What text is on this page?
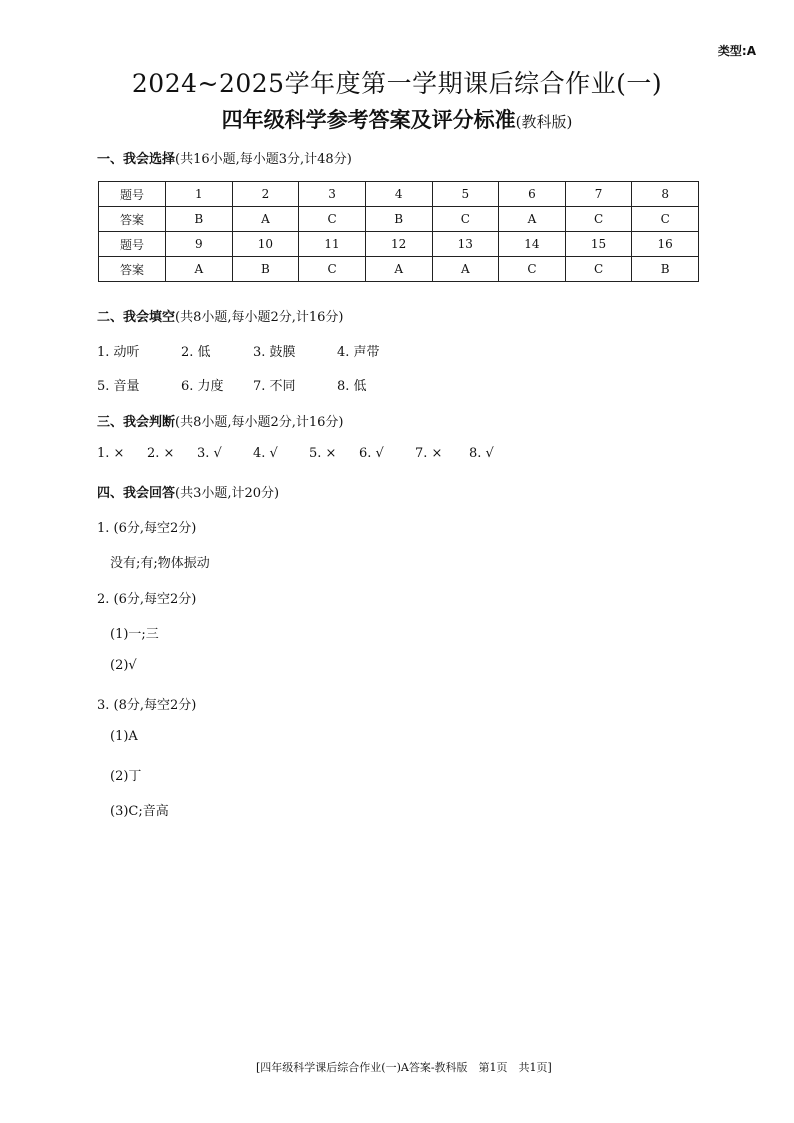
类型:A
2024~2025学年度第一学期课后综合作业(一)
四年级科学参考答案及评分标准(教科版)
一、我会选择(共16小题,每小题3分,计48分)
题号	1	2	3	4	5	6	7	8
答案	B	A	C	B	C	A	C	C
题号	9	10	11	12	13	14	15	16
答案	A	B	C	A	A	C	C	B
二、我会填空(共8小题,每小题2分,计16分)
1. 动听	2. 低	3. 鼓膜	4. 声带
5. 音量	6. 力度 7. 不同	8. 低
三、我会判断(共8小题,每小题2分,计16分)
1. × 2. × 3. √ 4. √ 5. × 6. √ 7. × 8. √
四、我会回答(共3小题,计20分)
1. (6分,每空2分)
没有;有;物体振动
2. (6分,每空2分)
(1)一;三
(2)√
3. (8分,每空2分)
(1)A
(2)丁
(3)C;音高
[四年级科学课后综合作业(一)A答案-教科版　第1页　共1页]
